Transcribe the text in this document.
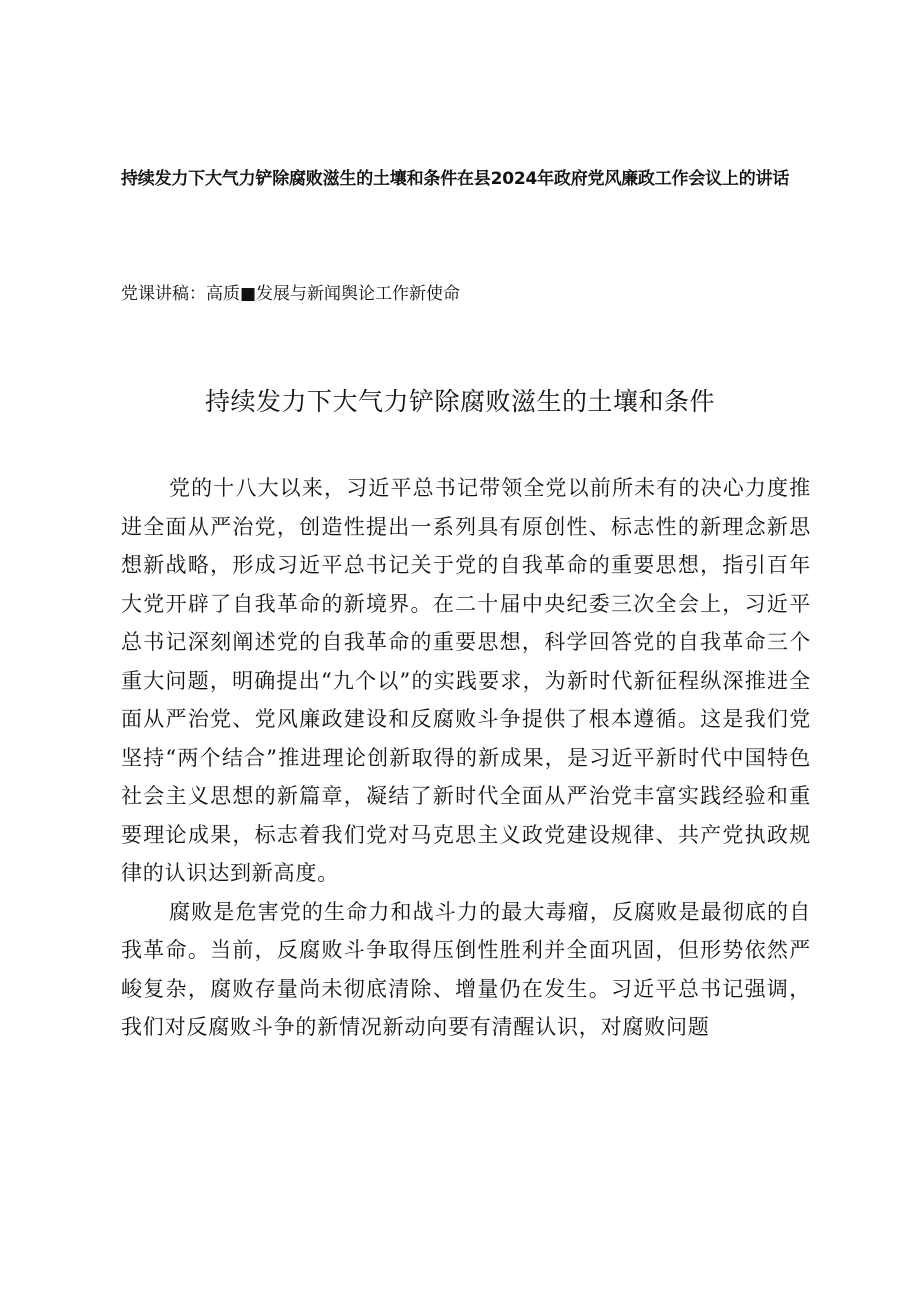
持续发力下大气力铲除腐败滋生的土壤和条件在县2024年政府党风廉政工作会议上的讲话
党课讲稿：高质■发展与新闻舆论工作新使命
持续发力下大气力铲除腐败滋生的土壤和条件

党的十八大以来，习近平总书记带领全党以前所未有的决心力度推进全面从严治党，创造性提出一系列具有原创性、标志性的新理念新思想新战略，形成习近平总书记关于党的自我革命的重要思想，指引百年大党开辟了自我革命的新境界。在二十届中央纪委三次全会上，习近平总书记深刻阐述党的自我革命的重要思想，科学回答党的自我革命三个重大问题，明确提出“九个以”的实践要求，为新时代新征程纵深推进全面从严治党、党风廉政建设和反腐败斗争提供了根本遵循。这是我们党坚持“两个结合”推进理论创新取得的新成果，是习近平新时代中国特色社会主义思想的新篇章，凝结了新时代全面从严治党丰富实践经验和重要理论成果，标志着我们党对马克思主义政党建设规律、共产党执政规律的认识达到新高度。

腐败是危害党的生命力和战斗力的最大毒瘤，反腐败是最彻底的自我革命。当前，反腐败斗争取得压倒性胜利并全面巩固，但形势依然严峻复杂，腐败存量尚未彻底清除、增量仍在发生。习近平总书记强调，我们对反腐败斗争的新情况新动向要有清醒认识，对腐败问题
